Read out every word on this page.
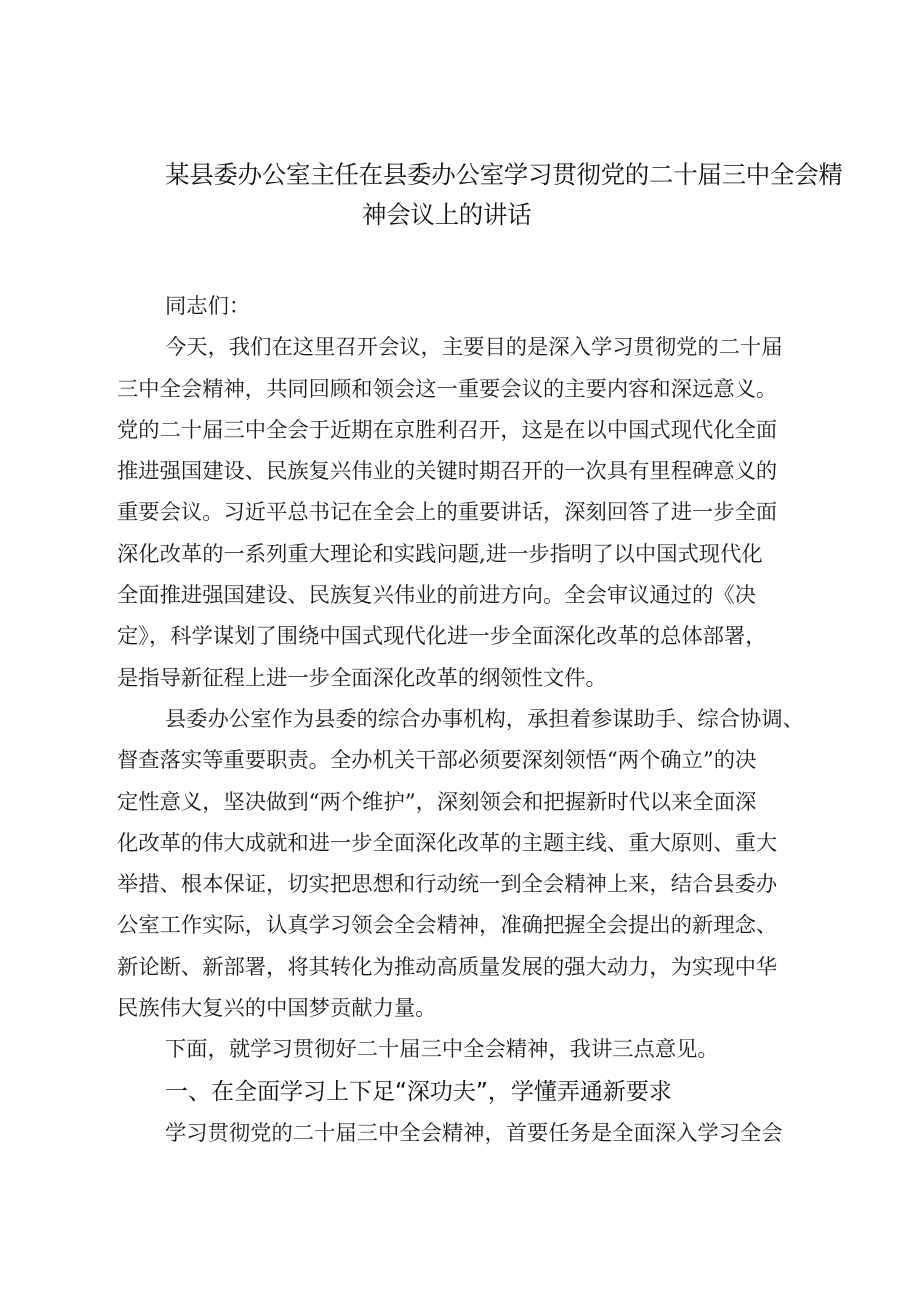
某县委办公室主任在县委办公室学习贯彻党的二十届三中全会精
神会议上的讲话

同志们：

今天，我们在这里召开会议，主要目的是深入学习贯彻党的二十届
三中全会精神，共同回顾和领会这一重要会议的主要内容和深远意义。
党的二十届三中全会于近期在京胜利召开，这是在以中国式现代化全面
推进强国建设、民族复兴伟业的关键时期召开的一次具有里程碑意义的
重要会议。习近平总书记在全会上的重要讲话，深刻回答了进一步全面
深化改革的一系列重大理论和实践问题,进一步指明了以中国式现代化
全面推进强国建设、民族复兴伟业的前进方向。全会审议通过的《决
定》，科学谋划了围绕中国式现代化进一步全面深化改革的总体部署，
是指导新征程上进一步全面深化改革的纲领性文件。

县委办公室作为县委的综合办事机构，承担着参谋助手、综合协调、
督查落实等重要职责。全办机关干部必须要深刻领悟“两个确立”的决
定性意义，坚决做到“两个维护”，深刻领会和把握新时代以来全面深
化改革的伟大成就和进一步全面深化改革的主题主线、重大原则、重大
举措、根本保证，切实把思想和行动统一到全会精神上来，结合县委办
公室工作实际，认真学习领会全会精神，准确把握全会提出的新理念、
新论断、新部署，将其转化为推动高质量发展的强大动力，为实现中华
民族伟大复兴的中国梦贡献力量。

下面，就学习贯彻好二十届三中全会精神，我讲三点意见。

一、在全面学习上下足“深功夫”，学懂弄通新要求

学习贯彻党的二十届三中全会精神，首要任务是全面深入学习全会
